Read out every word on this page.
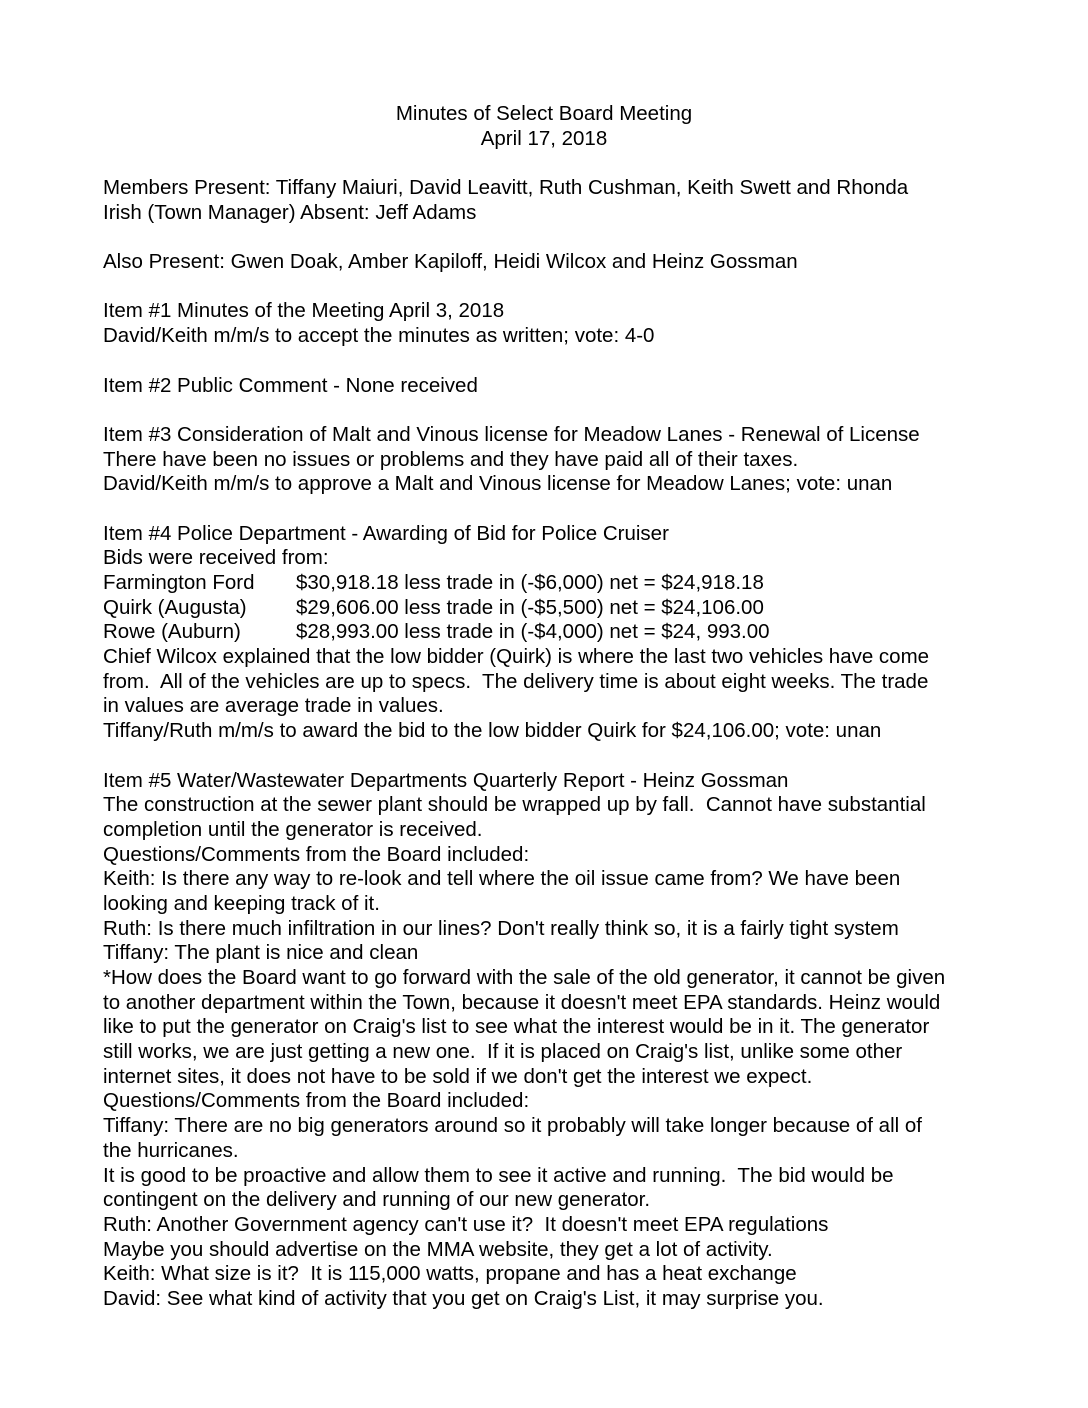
Minutes of Select Board Meeting
April 17, 2018
Members Present: Tiffany Maiuri, David Leavitt, Ruth Cushman, Keith Swett and Rhonda
Irish (Town Manager) Absent: Jeff Adams
Also Present: Gwen Doak, Amber Kapiloff, Heidi Wilcox and Heinz Gossman
Item #1 Minutes of the Meeting April 3, 2018
David/Keith m/m/s to accept the minutes as written; vote: 4-0
Item #2 Public Comment - None received
Item #3 Consideration of Malt and Vinous license for Meadow Lanes - Renewal of License
There have been no issues or problems and they have paid all of their taxes.
David/Keith m/m/s to approve a Malt and Vinous license for Meadow Lanes; vote: unan
Item #4 Police Department - Awarding of Bid for Police Cruiser
Bids were received from:
Farmington Ford	$30,918.18 less trade in (-$6,000) net = $24,918.18
Quirk (Augusta)	$29,606.00 less trade in (-$5,500) net = $24,106.00
Rowe (Auburn)	$28,993.00 less trade in (-$4,000) net = $24, 993.00
Chief Wilcox explained that the low bidder (Quirk) is where the last two vehicles have come
from.  All of the vehicles are up to specs.  The delivery time is about eight weeks. The trade
in values are average trade in values.
Tiffany/Ruth m/m/s to award the bid to the low bidder Quirk for $24,106.00; vote: unan
Item #5 Water/Wastewater Departments Quarterly Report - Heinz Gossman
The construction at the sewer plant should be wrapped up by fall.  Cannot have substantial
completion until the generator is received.
Questions/Comments from the Board included:
Keith: Is there any way to re-look and tell where the oil issue came from? We have been
looking and keeping track of it.
Ruth: Is there much infiltration in our lines? Don't really think so, it is a fairly tight system
Tiffany: The plant is nice and clean
*How does the Board want to go forward with the sale of the old generator, it cannot be given
to another department within the Town, because it doesn't meet EPA standards. Heinz would
like to put the generator on Craig's list to see what the interest would be in it. The generator
still works, we are just getting a new one.  If it is placed on Craig's list, unlike some other
internet sites, it does not have to be sold if we don't get the interest we expect.
Questions/Comments from the Board included:
Tiffany: There are no big generators around so it probably will take longer because of all of
the hurricanes.
It is good to be proactive and allow them to see it active and running.  The bid would be
contingent on the delivery and running of our new generator.
Ruth: Another Government agency can't use it?  It doesn't meet EPA regulations
Maybe you should advertise on the MMA website, they get a lot of activity.
Keith: What size is it?  It is 115,000 watts, propane and has a heat exchange
David: See what kind of activity that you get on Craig's List, it may surprise you.
